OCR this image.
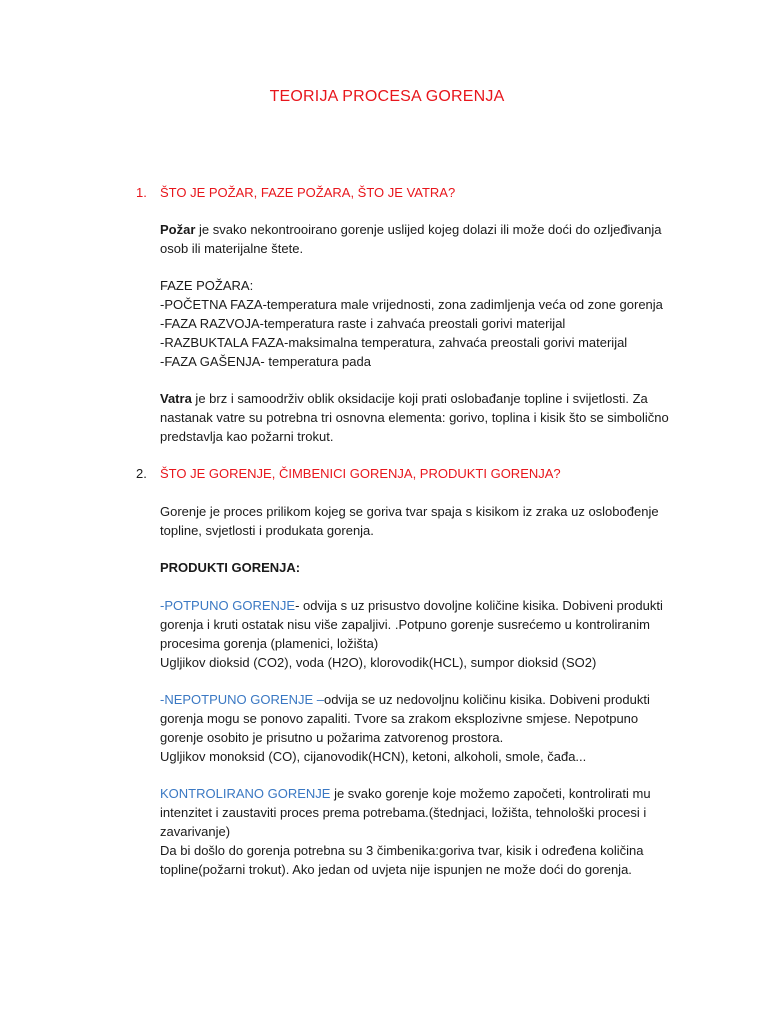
TEORIJA PROCESA GORENJA
1. ŠTO JE POŽAR, FAZE POŽARA, ŠTO JE VATRA?
Požar je svako nekontrooirano gorenje uslijed kojeg dolazi ili može doći do ozljeđivanja
osob ili materijalne štete.
FAZE POŽARA:
-POČETNA FAZA-temperatura male vrijednosti, zona zadimljenja veća od zone gorenja
-FAZA RAZVOJA-temperatura raste i zahvaća preostali gorivi materijal
-RAZBUKTALA FAZA-maksimalna temperatura, zahvaća preostali gorivi materijal
-FAZA GAŠENJA- temperatura pada
Vatra je brz i samoodrživ oblik oksidacije koji prati oslobađanje topline i svijetlosti. Za
nastanak vatre su potrebna tri osnovna elementa: gorivo, toplina i kisik što se simbolično
predstavlja kao požarni trokut.
2. ŠTO JE GORENJE, ČIMBENICI GORENJA, PRODUKTI GORENJA?
Gorenje je proces prilikom kojeg se goriva tvar spaja s kisikom iz zraka uz oslobođenje
topline, svjetlosti i produkata gorenja.
PRODUKTI GORENJA:
-POTPUNO GORENJE- odvija s uz prisustvo dovoljne količine kisika. Dobiveni produkti
gorenja i kruti ostatak nisu više zapaljivi. .Potpuno gorenje susrećemo u kontroliranim
procesima gorenja (plamenici, ložišta)
Ugljikov dioksid (CO2), voda (H2O), klorovodik(HCL), sumpor dioksid (SO2)
-NEPOTPUNO GORENJE –odvija se uz nedovoljnu količinu kisika. Dobiveni produkti
gorenja mogu se ponovo zapaliti. Tvore sa zrakom eksplozivne smjese. Nepotpuno
gorenje osobito je prisutno u požarima zatvorenog prostora.
Ugljikov monoksid (CO), cijanovodik(HCN), ketoni, alkoholi, smole, čađa...
KONTROLIRANO GORENJE je svako gorenje koje možemo započeti, kontrolirati mu
intenzitet i zaustaviti proces prema potrebama.(štednjaci, ložišta, tehnološki procesi i
zavarivanje)
Da bi došlo do gorenja potrebna su 3 čimbenika:goriva tvar, kisik i određena količina
topline(požarni trokut). Ako jedan od uvjeta nije ispunjen ne može doći do gorenja.
